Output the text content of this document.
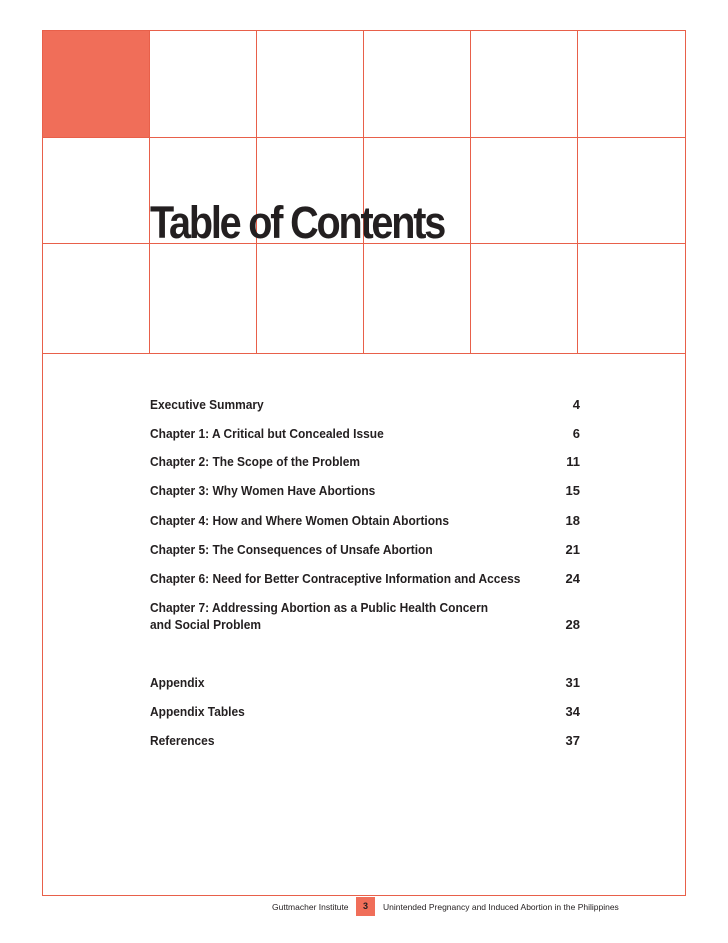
Table of Contents
Executive Summary	4
Chapter 1: A Critical but Concealed Issue	6
Chapter 2: The Scope of the Problem	11
Chapter 3: Why Women Have Abortions	15
Chapter 4: How and Where Women Obtain Abortions	18
Chapter 5: The Consequences of Unsafe Abortion	21
Chapter 6: Need for Better Contraceptive Information and Access	24
Chapter 7: Addressing Abortion as a Public Health Concern
and Social Problem	28
Appendix	31
Appendix Tables	34
References	37
Guttmacher Institute	3	Unintended Pregnancy and Induced Abortion in the Philippines
